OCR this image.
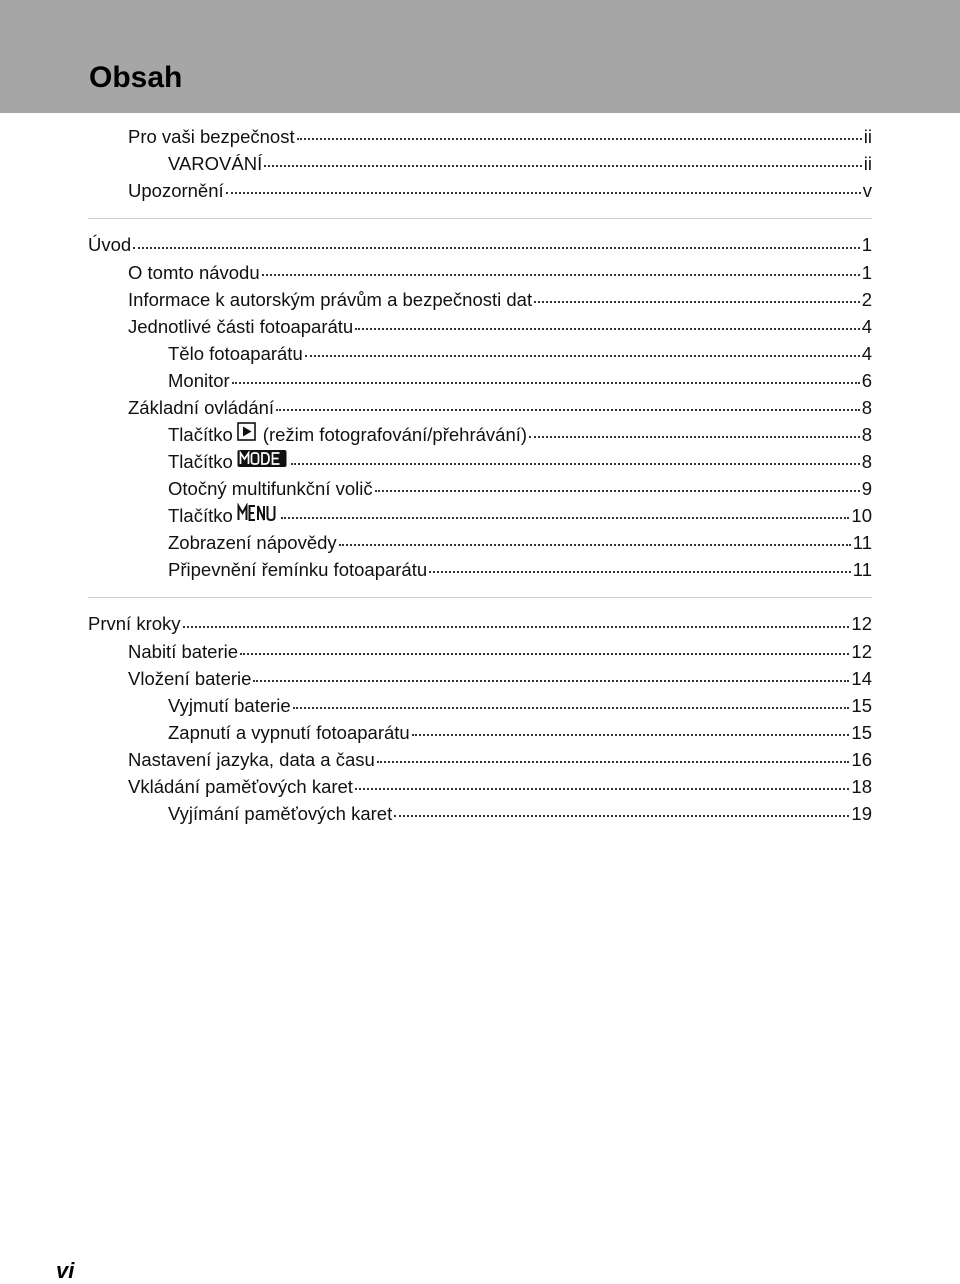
Obsah
Pro vaši bezpečnost	ii
VAROVÁNÍ	ii
Upozornění	v
Úvod	1
O tomto návodu	1
Informace k autorským právům a bezpečnosti dat	2
Jednotlivé části fotoaparátu	4
Tělo fotoaparátu	4
Monitor	6
Základní ovládání	8
Tlačítko (režim fotografování/přehrávání)	8
Tlačítko	8
Otočný multifunkční volič	9
Tlačítko	10
Zobrazení nápovědy	11
Připevnění řemínku fotoaparátu	11
První kroky	12
Nabití baterie	12
Vložení baterie	14
Vyjmutí baterie	15
Zapnutí a vypnutí fotoaparátu	15
Nastavení jazyka, data a času	16
Vkládání paměťových karet	18
Vyjímání paměťových karet	19
vi
